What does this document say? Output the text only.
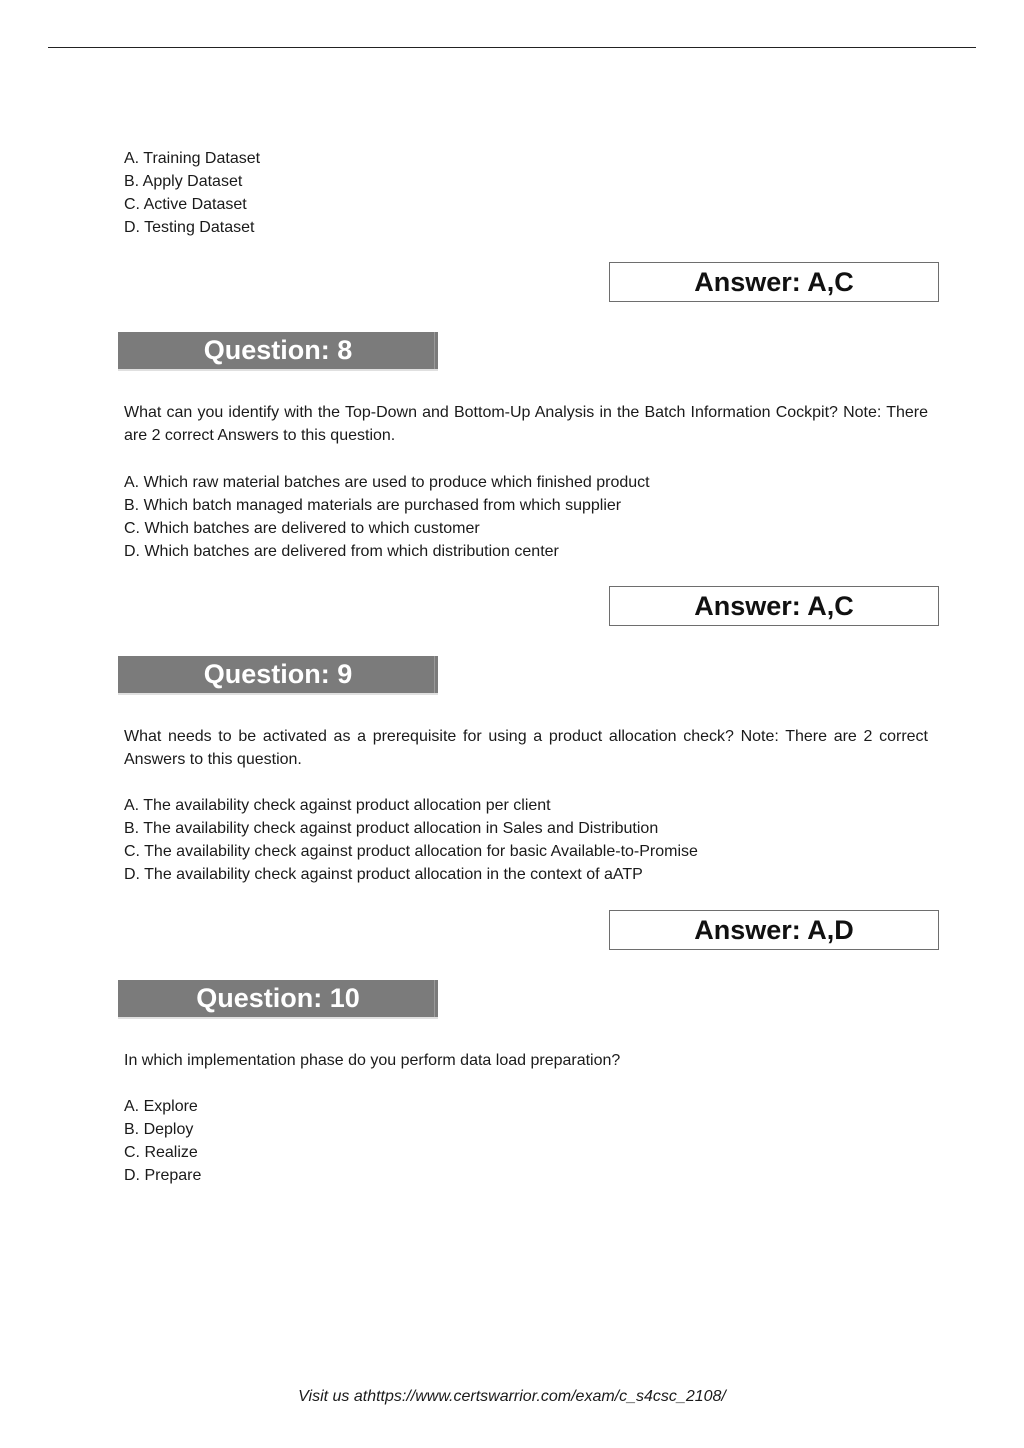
A. Training Dataset
B. Apply Dataset
C. Active Dataset
D. Testing Dataset
Answer: A,C
Question: 8

What can you identify with the Top-Down and Bottom-Up Analysis in the Batch Information Cockpit? Note: There are 2 correct Answers to this question.

A. Which raw material batches are used to produce which finished product
B. Which batch managed materials are purchased from which supplier
C. Which batches are delivered to which customer
D. Which batches are delivered from which distribution center
Answer: A,C
Question: 9

What needs to be activated as a prerequisite for using a product allocation check? Note: There are 2 correct Answers to this question.

A. The availability check against product allocation per client
B. The availability check against product allocation in Sales and Distribution
C. The availability check against product allocation for basic Available-to-Promise
D. The availability check against product allocation in the context of aATP
Answer: A,D
Question: 10

In which implementation phase do you perform data load preparation?

A. Explore
B. Deploy
C. Realize
D. Prepare
Visit us athttps://www.certswarrior.com/exam/c_s4csc_2108/
